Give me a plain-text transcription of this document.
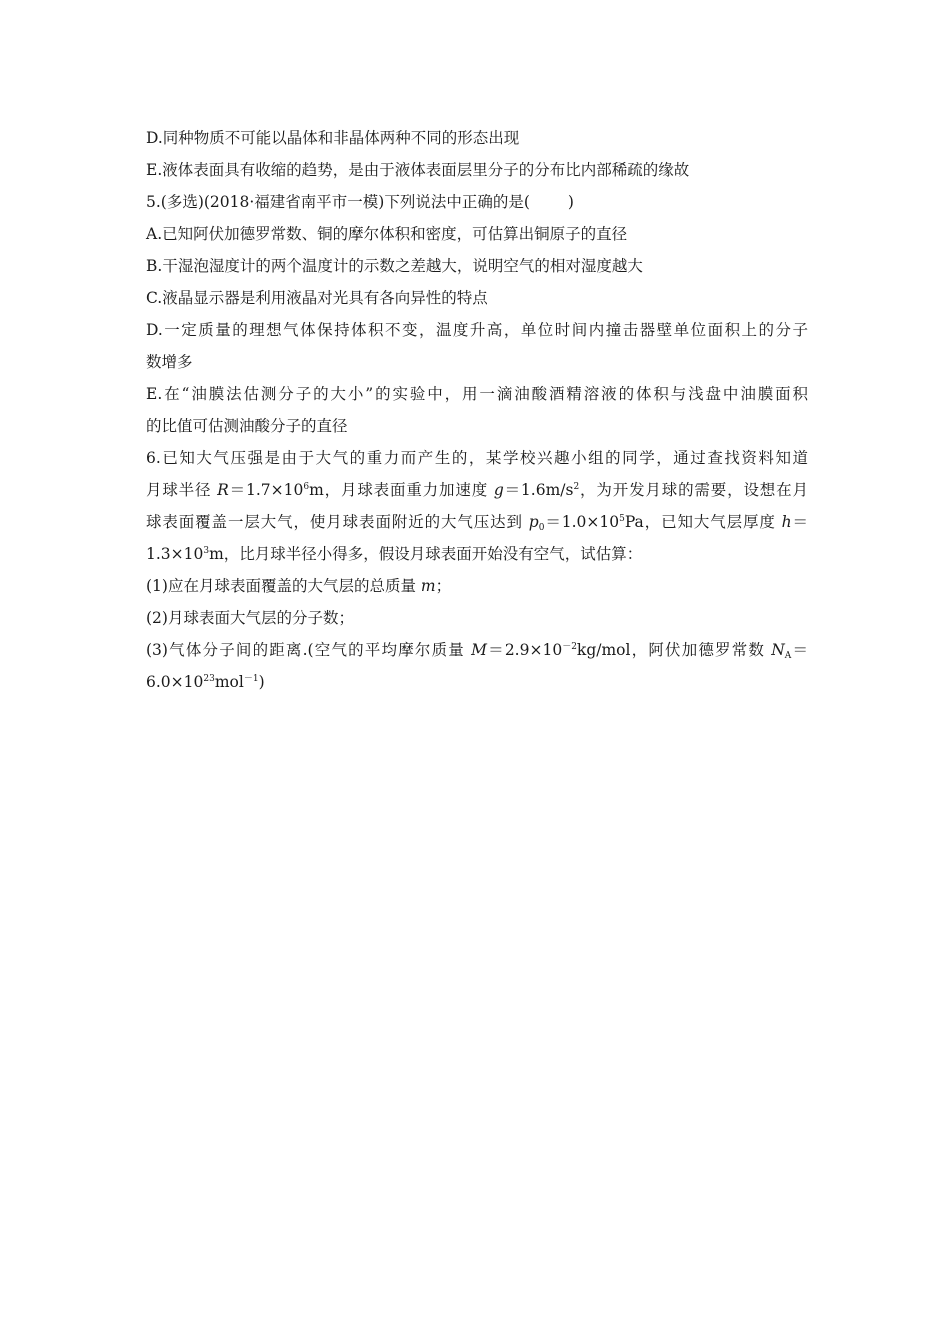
D.同种物质不可能以晶体和非晶体两种不同的形态出现
E.液体表面具有收缩的趋势，是由于液体表面层里分子的分布比内部稀疏的缘故
5.(多选)(2018·福建省南平市一模)下列说法中正确的是( )
A.已知阿伏加德罗常数、铜的摩尔体积和密度，可估算出铜原子的直径
B.干湿泡湿度计的两个温度计的示数之差越大，说明空气的相对湿度越大
C.液晶显示器是利用液晶对光具有各向异性的特点
D.一定质量的理想气体保持体积不变，温度升高，单位时间内撞击器壁单位面积上的分子
数增多
E.在“油膜法估测分子的大小”的实验中，用一滴油酸酒精溶液的体积与浅盘中油膜面积
的比值可估测油酸分子的直径
6.已知大气压强是由于大气的重力而产生的，某学校兴趣小组的同学，通过查找资料知道
月球半径 $R=1.7\times 10^6m$，月球表面重力加速度 $g=1.6m/s^2$，为开发月球的需要，设想在月
球表面覆盖一层大气，使月球表面附近的大气压达到 $p_0=1.0\times 10^5Pa$，已知大气层厚度 h＝
$1.3\times 10^3m$，比月球半径小得多，假设月球表面开始没有空气，试估算：
(1)应在月球表面覆盖的大气层的总质量 m；
(2)月球表面大气层的分子数；
(3)气体分子间的距离.(空气的平均摩尔质量 $M=2.9\times 10^{-2}kg$/mol，阿伏加德罗常数 $N_A=$
$6.0\times 10^{23}mol^{-1}$)
